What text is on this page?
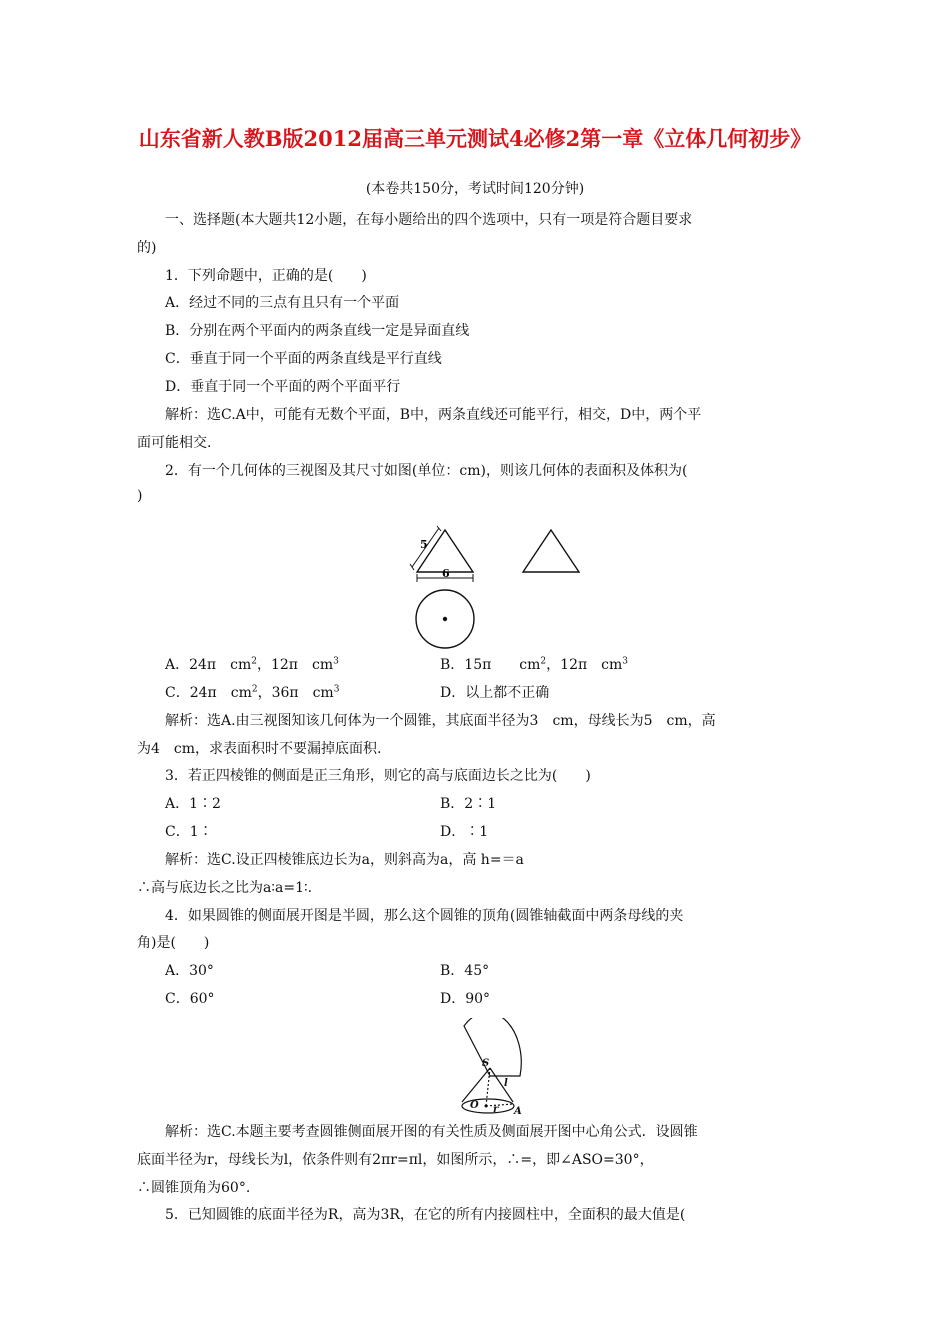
山东省新人教B版2012届高三单元测试4必修2第一章《立体几何初步》
(本卷共150分，考试时间120分钟)
一、选择题(本大题共12小题，在每小题给出的四个选项中，只有一项是符合题目要求
的)
1．下列命题中，正确的是(　　)
A．经过不同的三点有且只有一个平面
B．分别在两个平面内的两条直线一定是异面直线
C．垂直于同一个平面的两条直线是平行直线
D．垂直于同一个平面的两个平面平行
解析：选C.A中，可能有无数个平面，B中，两条直线还可能平行，相交，D中，两个平
面可能相交.
2．有一个几何体的三视图及其尺寸如图(单位：cm)，则该几何体的表面积及体积为(
)
5
6
A．24π　$cm^2$，12π　$cm^3$	B．15π　　$cm^2$，12π　$cm^3$
C．24π　$cm^2$，36π　$cm^3$	D．以上都不正确
解析：选A.由三视图知该几何体为一个圆锥，其底面半径为3　cm，母线长为5　cm，高
为4　cm，求表面积时不要漏掉底面积.
3．若正四棱锥的侧面是正三角形，则它的高与底面边长之比为(　　)
A．1∶2	B．2∶1
C．1∶	D．∶1
解析：选C.设正四棱锥底边长为a，则斜高为a，高 h=＝a
∴高与底边长之比为a∶a=1∶.
4．如果圆锥的侧面展开图是半圆，那么这个圆锥的顶角(圆锥轴截面中两条母线的夹
角)是(　　)
A．30°	B．45°
C．60°	D．90°
S
l
O r A
解析：选C.本题主要考查圆锥侧面展开图的有关性质及侧面展开图中心角公式．设圆锥
底面半径为r，母线长为l，依条件则有2πr=πl，如图所示，∴=，即∠ASO=30°，
∴圆锥顶角为60°.
5．已知圆锥的底面半径为R，高为3R，在它的所有内接圆柱中，全面积的最大值是(
